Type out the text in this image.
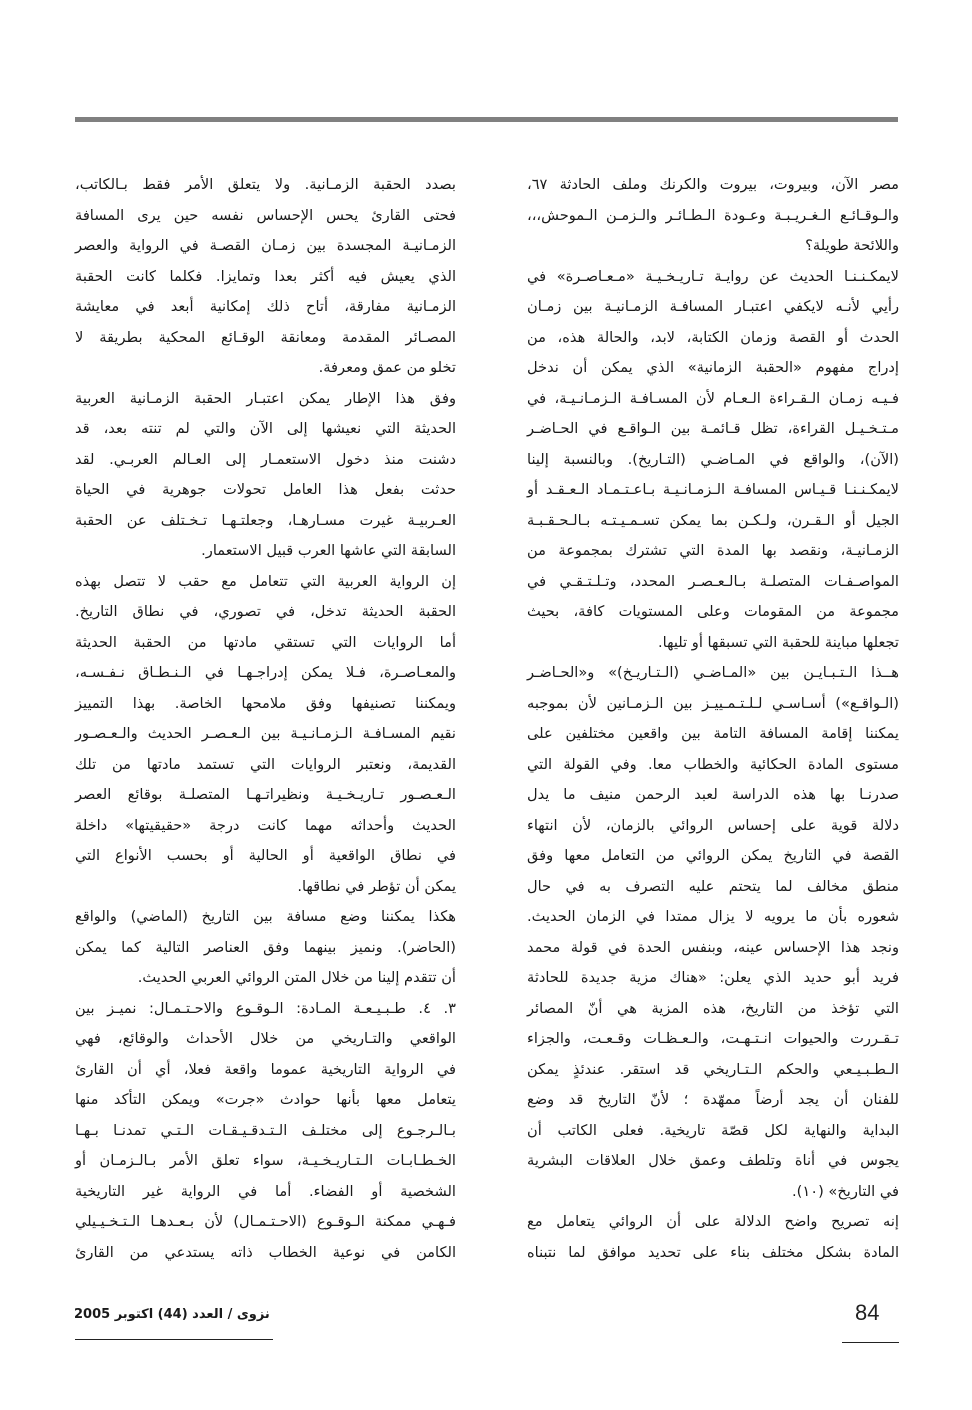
مصر الآن، وبيروت، بيروت والكرنك وملف الحادثة ٦٧،
والـوقـائـع الـغـريـبـة وعـودة الـطـائـر والـزمـن الـموحش،،،
واللائحة طويلة؟
لايمكـنـنـا الحديث عن روايـة تـاريـخـيـة «مـعـاصـرة» في
رأيي لأنـه لايكفي اعتبـار المسافـة الزمـانيـة بين زمـان
الحدث أو القصة وزمان الكتابة، لابد، والحالة هذه، من
إدراج مفهوم «الحقبة الزمانية» الذي يمكن أن ندخل
فـيـه زمـان الـقـراءة الـعـام لأن المسـافـة الـزمـانـيـة، في
مـتـخـيـل القراءة، تظل قـائمـة بين الـواقـع في الحـاضـر
(الآن)، والواقع في المـاضـي (التـاريخ). وبالنسبة إلينا
لايمكـنـنـا قـيـاس المسافـة الـزمـانـيـة بـاعـتـمـاد الـعـقـد أو
الجيل أو الـقـرن، ولـكـن بما يمكن تسـمـيـتـه بـالـحـقـبـة
الزمـانيـة، ونقصد بها المدة التي تشترك بمجموعة من
المواصـفـات المتصلـة بـالـعـصـر المحدد، وتـلـتـقـي في
مجموعة من المقومات وعلى المستويات كافة، بحيث
تجعلها مباينة للحقبة التي تسبقها أو تليها.
هــذا الـتـبـايـن بين «المـاضـي (الـتـاريـخ)» و«الحـاضـر
(الـواقـع») أسـاسـي لـلـتـمـييـز بين الـزمـانين لأن بموجبه
يمكننا إقامة المسافة التامة بين واقعين مختلفين على
مستوى المادة الحكائية والخطاب معا. وفي القولة التي
صدرنـا بها هذه الدراسة لعبد الرحمن منيف ما يدل
دلالة قوية على إحساس الروائي بالزمان، لأن انتهاء
القصة في التاريخ يمكن الروائي من التعامل معها وفق
منطق مخالف لما يتحتم عليه التصرف به في حال
شعوره بأن ما يرويه لا يزال ممتدا في الزمان الحديث.
ونجد هذا الإحساس عينه، وبنفس الحدة في قولة محمد
فريد أبو حديد الذي يعلن: «هناك مزية جديدة للحادثة
التي تؤخذ من التاريخ، هذه المزية هي أنّ المصائر
تـقـررت والحيوات انـتـهـت، والـعـظـات وقـعـت، والجزاء
الـطـبـيـعي والحكم الـتـاريخي قد استقر. عندئذٍ يمكن
للفنان أن يجد أرضاً ممهّدة ؛ لأنّ التاريخ قد وضع
البداية والنهاية لكل قصّة تاريخية. فعلى الكاتب أن
يجوس في أناة وتلطف وعمق خلال العلاقات البشرية
في التاريخ» (١٠).
إنه تصريح واضح الدلالة على أن الروائي يتعامل مع
المادة بشكل مختلف بناء على تحديد موافق لما نتبناه
بصدد الحقبة الزمـانية. ولا يتعلق الأمر فقط بـالكاتب،
فحتى القارئ يحس الإحساس نفسه حين يرى المسافة
الزمـانيـة المجسدة بين زمـان القصـة في الرواية والعصر
الذي يعيش فيه أكثر بعدا وتمايزا. فكلما كانت الحقبة
الزمـانية مفارقة، أتاح ذلك إمكانية أبعد في معايشة
المصـائر المقدمة ومعانقة الوقـائع المحكية بطريقة لا
تخلو من عمق ومعرفة.
وفق هذا الإطار يمكن اعتبـار الحقبة الزمـانية العربية
الحديثة التي نعيشها إلى الآن والتي لم تنته بعد، قد
دشنت منذ دخول الاستعمـار إلى العـالم العربـي. لقد
حدثت بفعل هذا العامل تحولات جوهرية في الحياة
العـربيـة غيرت مسـارهـا، وجعلتـهـا تـخـتلف عن الحقبة
السابقة التي عاشها العرب قبيل الاستعمار.
إن الرواية العربية التي تتعامل مع حقب لا تتصل بهذه
الحقبة الحديثة تدخل، في تصوري، في نطاق التاريخ.
أما الروايات التي تستقي مادتها من الحقبة الحديثة
والمعـاصـرة، فـلا يمكن إدراجـهـا في الـنـطـاق نـفـسـه،
ويمكننا تصنيفها وفق ملامحها الخاصة. بهذا التمييز
نقيم المسـافـة الـزمـانـيـة بين الـعـصـر الحديث والـعـصـور
القديمة، ونعتبر الروايات التي تستمد مادتها من تلك
الـعـصـور تـاريـخـيـة ونظيراتـهـا المتصلـة بوقائع العصر
الحديث وأحداثه مهما كانت درجة «حقيقيتها» داخلة
في نطاق الواقعية أو الحالية أو بحسب الأنواع التي
يمكن أن تؤطر في نطاقها.
هكذا يمكننا وضع مسافة بين التاريخ (الماضي) والواقع
(الحاضر). ونميز بينهما وفق العناصر التالية كما يمكن
أن تتقدم إلينا من خلال المتن الروائي العربي الحديث.
٣. ٤. طـبـيـعـة المـادة: الـوقـوع والاحـتـمـال: نميـز بين
الواقعي والتـاريخي من خلال الأحداث والوقائع، فهي
في الرواية التاريخية عموما واقعة فعلا، أي أن القارئ
يتعامل معها بأنها حوادث «جرت» ويمكن التأكد منها
بـالـرجـوع إلى مختلـف الـتـدقـيـقـات الـتـي تمدنـا بـهـا
الخـطـابـات الـتـاريـخـيـة، سواء تعلق الأمر بـالـزمـان أو
الشخصية أو الفضاء. أما في الرواية غير التاريخية
فـهـي ممكنة الـوقـوع (الاحـتـمـال) لأن بـعـدهـا الـتـخـيـيلي
الكامن في نوعية الخطاب ذاته يستدعي من القارئ
نزوى / العدد (44) اكتوبر 2005	84
